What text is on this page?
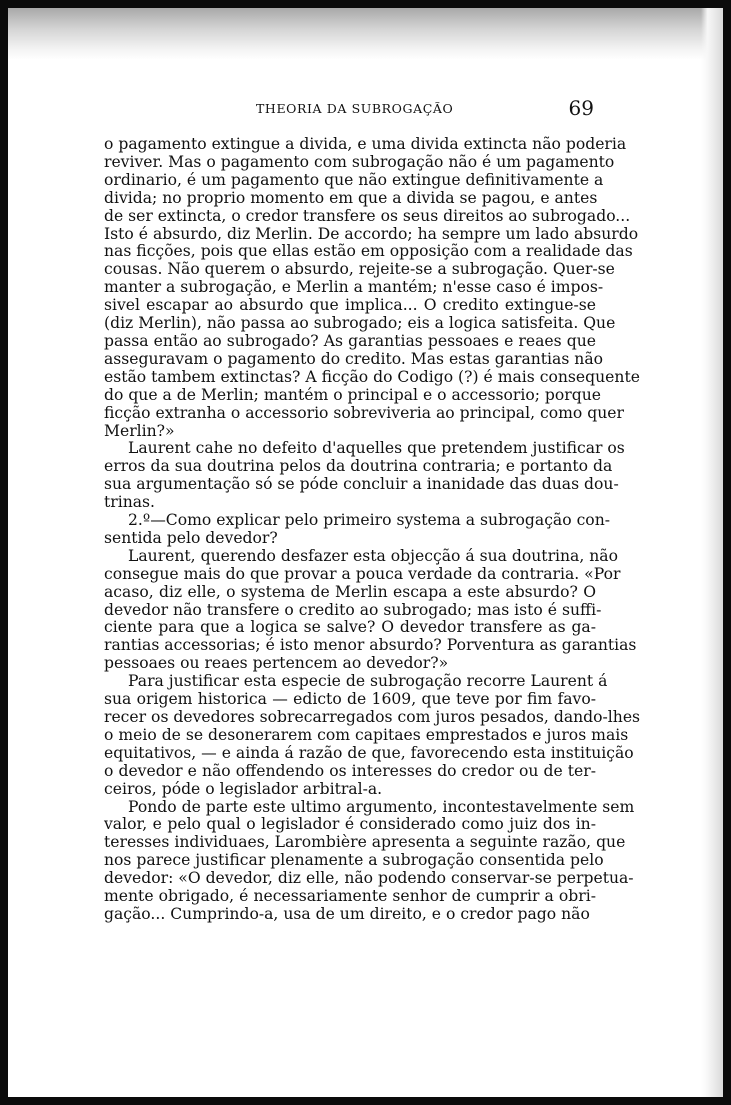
THEORIA DA SUBROGAÇÃO	69
o pagamento extingue a divida, e uma divida extincta não poderia
reviver. Mas o pagamento com subrogação não é um pagamento
ordinario, é um pagamento que não extingue definitivamente a
divida; no proprio momento em que a divida se pagou, e antes
de ser extincta, o credor transfere os seus direitos ao subrogado...
Isto é absurdo, diz Merlin. De accordo; ha sempre um lado absurdo
nas ficções, pois que ellas estão em opposição com a realidade das
cousas. Não querem o absurdo, rejeite-se a subrogação. Quer-se
manter a subrogação, e Merlin a mantém; n'esse caso é impos-
sivel escapar ao absurdo que implica... O credito extingue-se
(diz Merlin), não passa ao subrogado; eis a logica satisfeita. Que
passa então ao subrogado? As garantias pessoaes e reaes que
asseguravam o pagamento do credito. Mas estas garantias não
estão tambem extinctas? A ficção do Codigo (?) é mais consequente
do que a de Merlin; mantém o principal e o accessorio; porque
ficção extranha o accessorio sobreviveria ao principal, como quer
Merlin?»
Laurent cahe no defeito d'aquelles que pretendem justificar os
erros da sua doutrina pelos da doutrina contraria; e portanto da
sua argumentação só se póde concluir a inanidade das duas dou-
trinas.
2.º—Como explicar pelo primeiro systema a subrogação con-
sentida pelo devedor?
Laurent, querendo desfazer esta objecção á sua doutrina, não
consegue mais do que provar a pouca verdade da contraria. «Por
acaso, diz elle, o systema de Merlin escapa a este absurdo? O
devedor não transfere o credito ao subrogado; mas isto é suffi-
ciente para que a logica se salve? O devedor transfere as ga-
rantias accessorias; é isto menor absurdo? Porventura as garantias
pessoaes ou reaes pertencem ao devedor?»
Para justificar esta especie de subrogação recorre Laurent á
sua origem historica — edicto de 1609, que teve por fim favo-
recer os devedores sobrecarregados com juros pesados, dando-lhes
o meio de se desonerarem com capitaes emprestados e juros mais
equitativos, — e ainda á razão de que, favorecendo esta instituição
o devedor e não offendendo os interesses do credor ou de ter-
ceiros, póde o legislador arbitral-a.
Pondo de parte este ultimo argumento, incontestavelmente sem
valor, e pelo qual o legislador é considerado como juiz dos in-
teresses individuaes, Larombière apresenta a seguinte razão, que
nos parece justificar plenamente a subrogação consentida pelo
devedor: «O devedor, diz elle, não podendo conservar-se perpetua-
mente obrigado, é necessariamente senhor de cumprir a obri-
gação... Cumprindo-a, usa de um direito, e o credor pago não
